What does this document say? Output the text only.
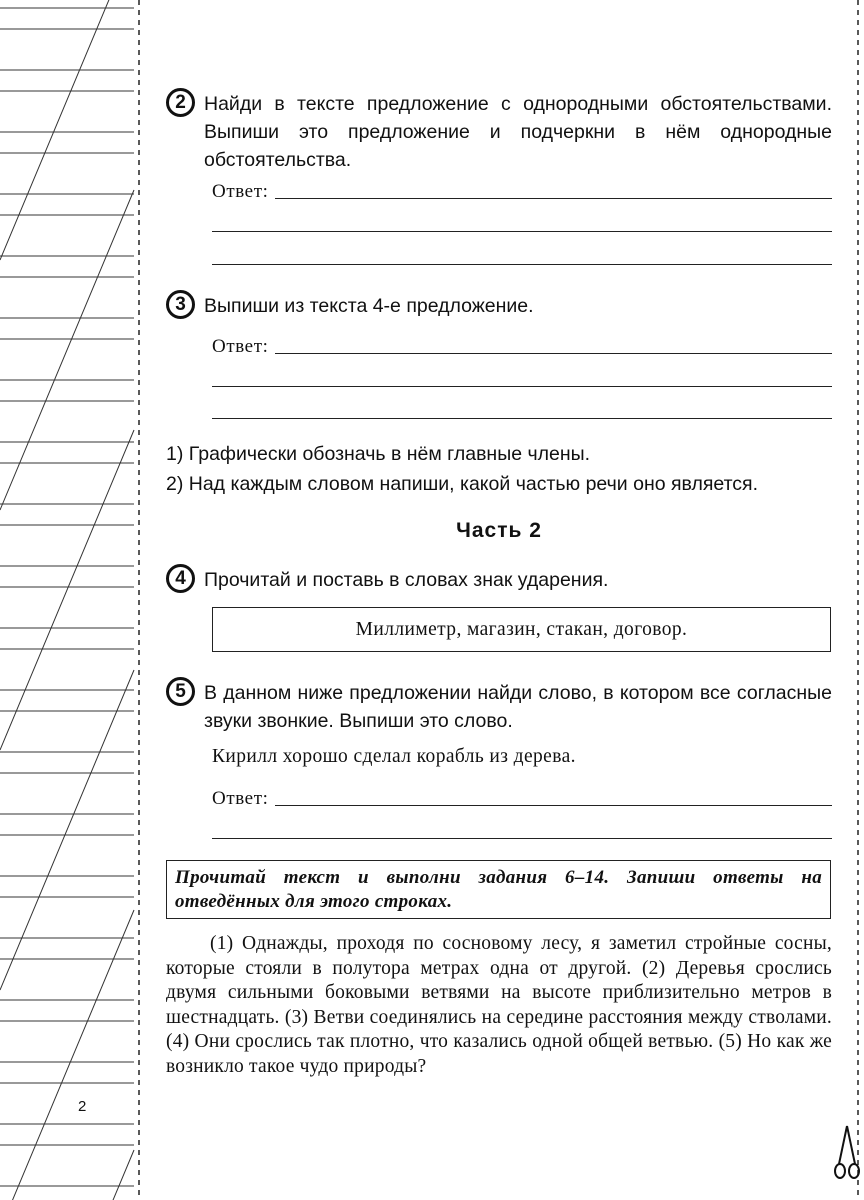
2
2 Найди в тексте предложение с однородными обстоятельствами. Выпиши это предложение и подчеркни в нём однородные обстоятельства.
Ответ:
3 Выпиши из текста 4-е предложение.
Ответ:
1) Графически обозначь в нём главные члены.
2) Над каждым словом напиши, какой частью речи оно является.
Часть 2
4 Прочитай и поставь в словах знак ударения.
Миллиметр, магазин, стакан, договор.
5 В данном ниже предложении найди слово, в котором все согласные звуки звонкие. Выпиши это слово.
Кирилл хорошо сделал корабль из дерева.
Ответ:
Прочитай текст и выполни задания 6–14. Запиши ответы на отведённых для этого строках.
(1) Однажды, проходя по сосновому лесу, я заметил стройные сосны, которые стояли в полутора метрах одна от другой. (2) Деревья срослись двумя сильными боковыми ветвями на высоте приблизительно метров в шестнадцать. (3) Ветви соединялись на середине расстояния между стволами. (4) Они срослись так плотно, что казались одной общей ветвью. (5) Но как же возникло такое чудо природы?
